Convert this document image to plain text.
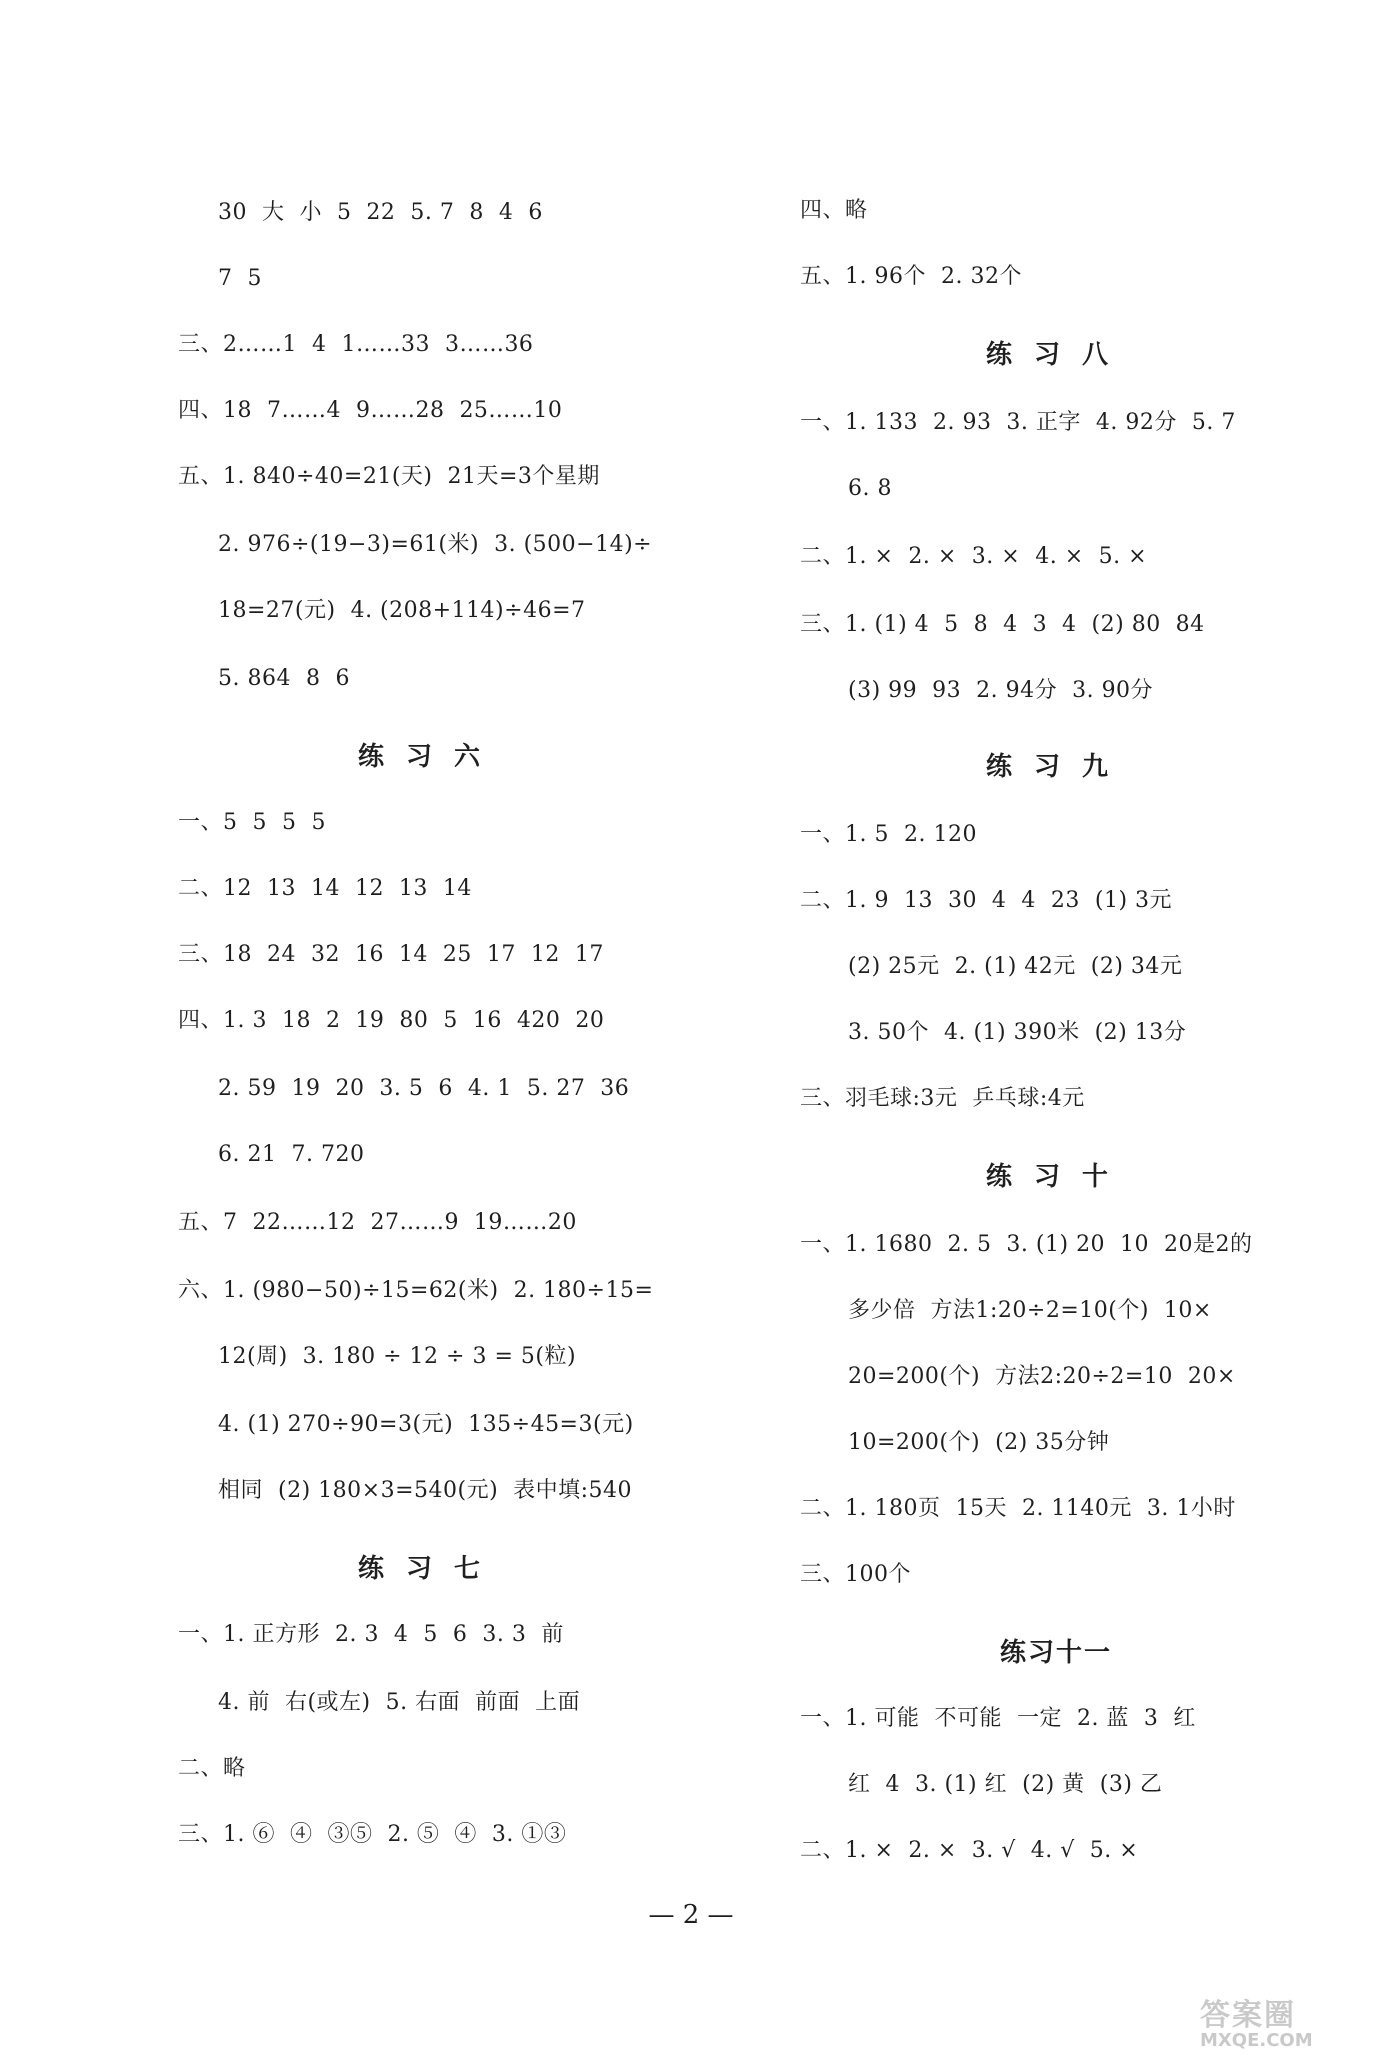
30  大  小  5  22  5. 7  8  4  6
7  5
三、2……1  4  1……33  3……36
四、18  7……4  9……28  25……10
五、1. 840÷40=21(天)  21天=3个星期
2. 976÷(19−3)=61(米)  3. (500−14)÷
18=27(元)  4. (208+114)÷46=7
5. 864  8  6
练习六
一、5  5  5  5
二、12  13  14  12  13  14
三、18  24  32  16  14  25  17  12  17
四、1. 3  18  2  19  80  5  16  420  20
2. 59  19  20  3. 5  6  4. 1  5. 27  36
6. 21  7. 720
五、7  22……12  27……9  19……20
六、1. (980−50)÷15=62(米)  2. 180÷15=
12(周)  3. 180 ÷ 12 ÷ 3 = 5(粒)
4. (1) 270÷90=3(元)  135÷45=3(元)
相同  (2) 180×3=540(元)  表中填:540
练习七
一、1. 正方形  2. 3  4  5  6  3. 3  前
4. 前  右(或左)  5. 右面  前面  上面
二、略
三、1. ⑥  ④  ③⑤  2. ⑤  ④  3. ①③
四、略
五、1. 96个  2. 32个
练习八
一、1. 133  2. 93  3. 正字  4. 92分  5. 7
6. 8
二、1. ×  2. ×  3. ×  4. ×  5. ×
三、1. (1) 4  5  8  4  3  4  (2) 80  84
(3) 99  93  2. 94分  3. 90分
练习九
一、1. 5  2. 120
二、1. 9  13  30  4  4  23  (1) 3元
(2) 25元  2. (1) 42元  (2) 34元
3. 50个  4. (1) 390米  (2) 13分
三、羽毛球:3元  乒乓球:4元
练习十
一、1. 1680  2. 5  3. (1) 20  10  20是2的
多少倍  方法1:20÷2=10(个)  10×
20=200(个)  方法2:20÷2=10  20×
10=200(个)  (2) 35分钟
二、1. 180页  15天  2. 1140元  3. 1小时
三、100个
练习十一
一、1. 可能  不可能  一定  2. 蓝  3  红
红  4  3. (1) 红  (2) 黄  (3) 乙
二、1. ×  2. ×  3. √  4. √  5. ×
— 2 —
答案圈
MXQE.COM
